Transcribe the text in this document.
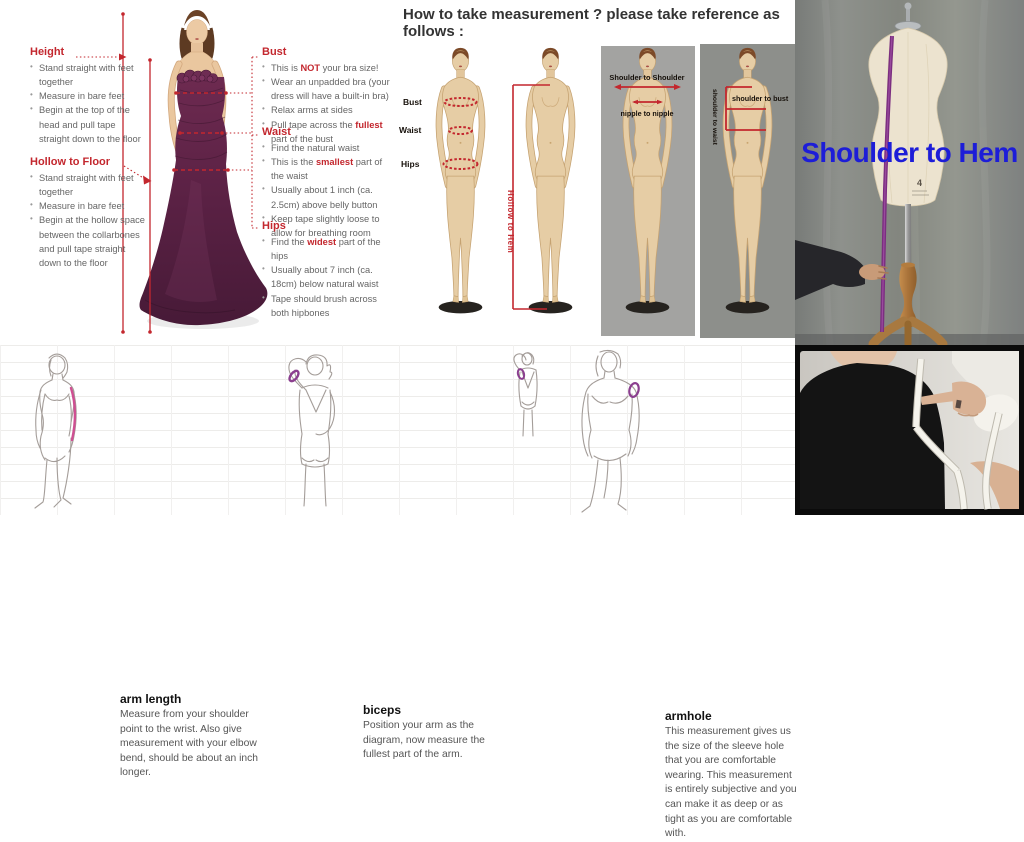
Height
• Stand straight with feet together
• Measure in bare feet
• Begin at the top of the head and pull tape straight down to the floor
Hollow to Floor
• Stand straight with feet together
• Measure in bare feet
• Begin at the hollow space between the collarbones and pull tape straight down to the floor
Bust
• This is NOT your bra size!
• Wear an unpadded bra (your dress will have a built-in bra)
• Relax arms at sides
• Pull tape across the fullest part of the bust
Waist
• Find the natural waist
• This is the smallest part of the waist
• Usually about 1 inch (ca. 2.5cm) above belly button
• Keep tape slightly loose to allow for breathing room
Hips
• Find the widest part of the hips
• Usually about 7 inch (ca. 18cm) below natural waist
• Tape should brush across both hipbones
How to take measurement ? please take reference as follows :
Bust
Waist
Hips
Hollow to Hem
Shoulder to Shoulder
nipple to nipple
shoulder to bust
shoulder to waist
4
Shoulder to Hem
arm length

Measure from your shoulder point to the wrist. Also give measurement with your elbow bend, should be about an inch longer.

biceps

Position your arm as the diagram, now measure the fullest part of the arm.

armhole

This measurement gives us the size of the sleeve hole that you are comfortable wearing. This measurement is entirely subjective and you can make it as deep or as tight as you are comfortable with.
